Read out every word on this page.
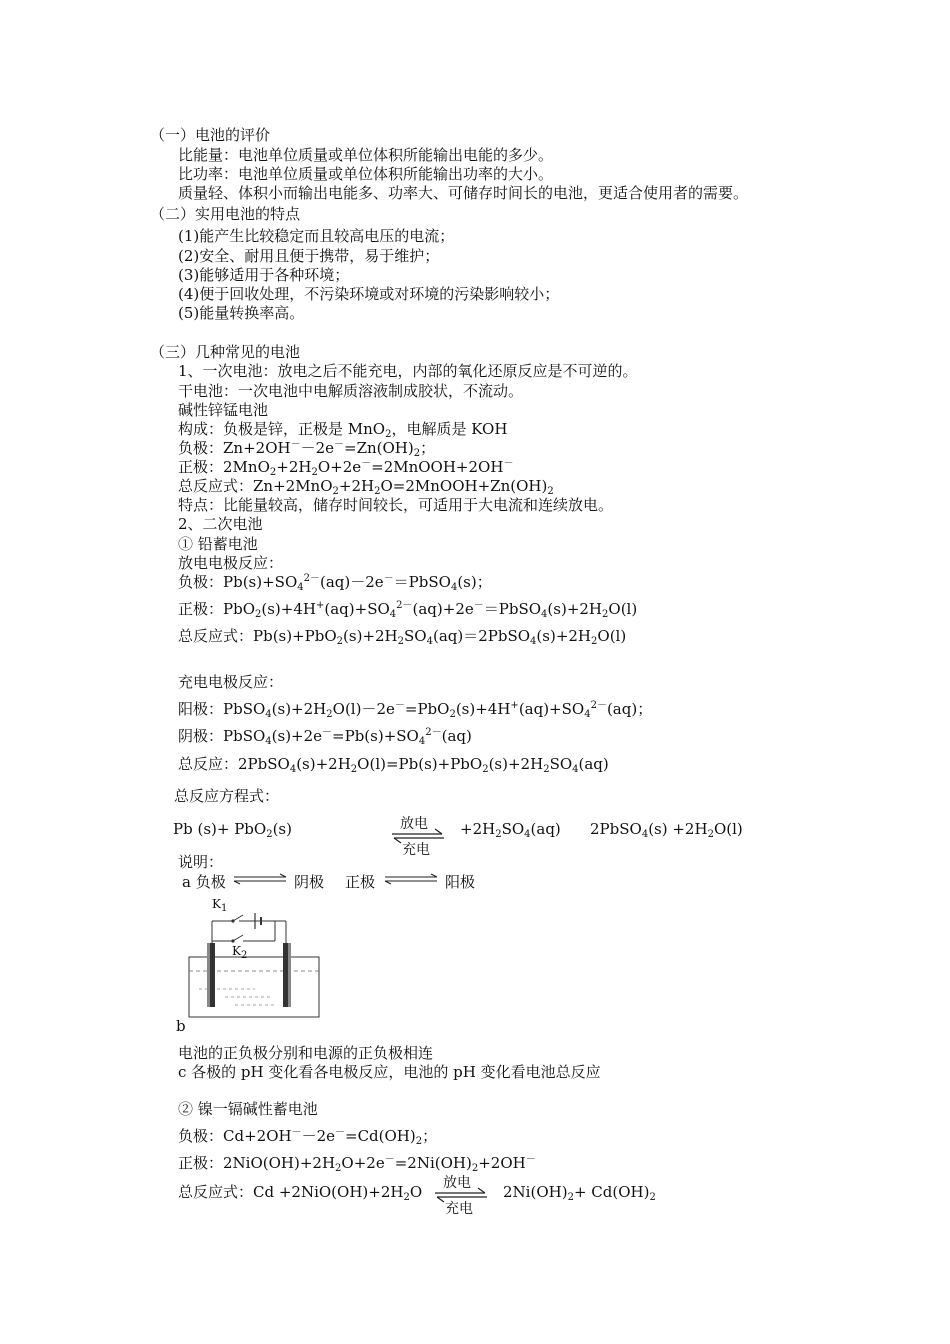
（一）电池的评价
比能量：电池单位质量或单位体积所能输出电能的多少。
比功率：电池单位质量或单位体积所能输出功率的大小。
质量轻、体积小而输出电能多、功率大、可储存时间长的电池，更适合使用者的需要。
（二）实用电池的特点
(1)能产生比较稳定而且较高电压的电流；
(2)安全、耐用且便于携带，易于维护；
(3)能够适用于各种环境；
(4)便于回收处理，不污染环境或对环境的污染影响较小；
(5)能量转换率高。
（三）几种常见的电池
1、一次电池：放电之后不能充电，内部的氧化还原反应是不可逆的。
干电池：一次电池中电解质溶液制成胶状，不流动。
碱性锌锰电池
构成：负极是锌，正极是 MnO$_2$，电解质是 KOH
负极：$Zn+2OH^--2e^-=Zn(OH)_2$；
正极：$2MnO_2+2H_2O+2e^-=2MnOOH+2OH^-$
总反应式：$Zn+2MnO_2+2H_2O=2MnOOH+Zn(OH)_2$
特点：比能量较高，储存时间较长，可适用于大电流和连续放电。
2、二次电池
① 铅蓄电池
放电电极反应：
负极：$Pb(s)+SO_4^{2-}(aq)-2e^-=PbSO_4(s)$；
正极：$PbO_2(s)+4H^+(aq)+SO_4^{2-}(aq)+2e^-=PbSO_4(s)+2H_2O(l)$
总反应式：$Pb(s)+PbO_2(s)+2H_2SO_4(aq)=2PbSO_4(s)+2H_2O(l)$
充电电极反应：
阳极：$PbSO_4(s)+2H_2O(l)-2e^-=PbO_2(s)+4H^+(aq)+SO_4^{2-}(aq)$；
阴极：$PbSO_4(s)+2e^-=Pb(s)+SO_4^{2-}(aq)$
总反应：$2PbSO_4(s)+2H_2O(l)=Pb(s)+PbO_2(s)+2H_2SO_4(aq)$
总反应方程式：
Pb (s)+ PbO$_2$(s)	放电
充电
$+2H_2SO_4(aq)$ 2PbSO$_4$(s) $+2H_2O(l)$
说明：
a 负极 ⇌ 阴极 正极 ⇌ 阳极
$K_1$
$K_2$
b
电池的正负极分别和电源的正负极相连
c 各极的 pH 变化看各电极反应，电池的 pH 变化看电池总反应
② 镍一镉碱性蓄电池
负极：$Cd+2OH^--2e^-=Cd(OH)_2$；
正极：$2NiO(OH)+2H_2O+2e^-=2Ni(OH)_2+2OH^-$
总反应式：$Cd +2NiO(OH)+2H_2O$ 放电
充电
$2Ni(OH)_2+ Cd(OH)_2$
